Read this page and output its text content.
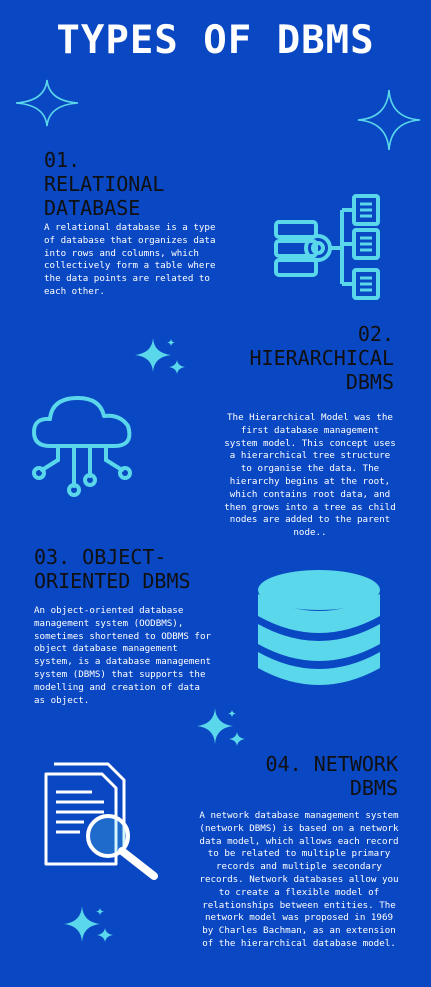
TYPES OF DBMS
01.
RELATIONAL
DATABASE
A relational database is a type of database that organizes data into rows and columns, which collectively form a table where the data points are related to each other.
02.
HIERARCHICAL
DBMS
The Hierarchical Model was the first database management system model. This concept uses a hierarchical tree structure to organise the data. The hierarchy begins at the root, which contains root data, and then grows into a tree as child nodes are added to the parent node..
03. OBJECT-
ORIENTED DBMS
An object-oriented database management system (OODBMS), sometimes shortened to ODBMS for object database management system, is a database management system (DBMS) that supports the modelling and creation of data as object.
04. NETWORK
DBMS
A network database management system (network DBMS) is based on a network data model, which allows each record to be related to multiple primary records and multiple secondary records. Network databases allow you to create a flexible model of relationships between entities. The network model was proposed in 1969 by Charles Bachman, as an extension of the hierarchical database model.
